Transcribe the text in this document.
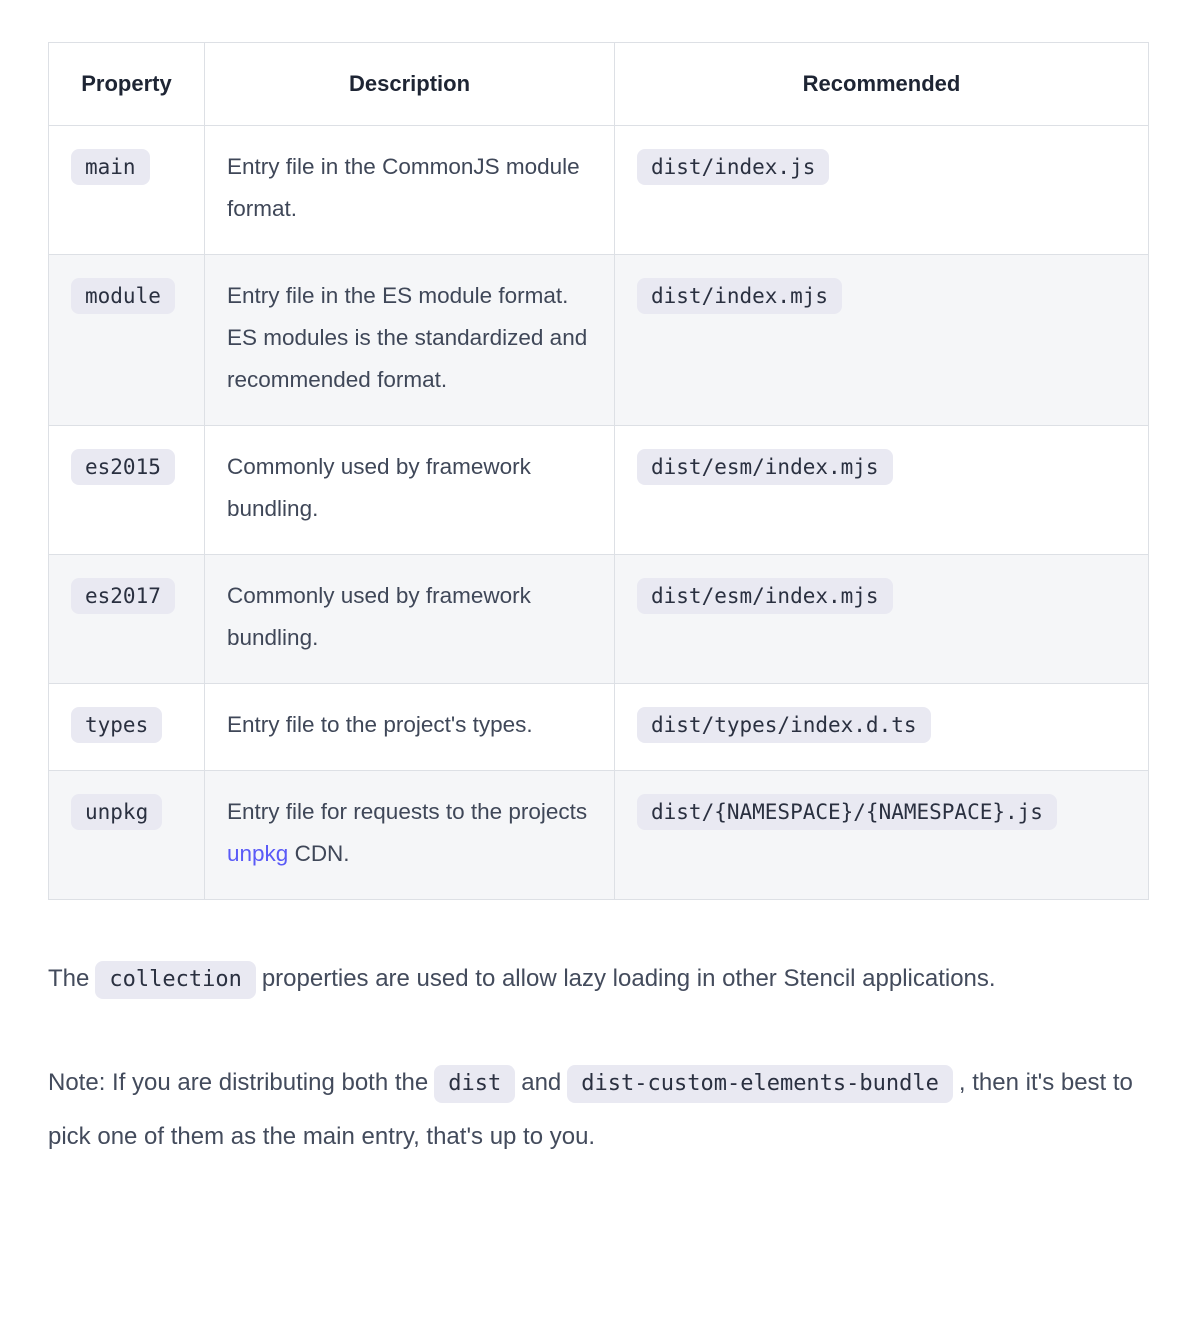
Property	Description	Recommended
main	Entry file in the CommonJS module format.	dist/index.js
module	Entry file in the ES module format. ES modules is the standardized and recommended format.	dist/index.mjs
es2015	Commonly used by framework bundling.	dist/esm/index.mjs
es2017	Commonly used by framework bundling.	dist/esm/index.mjs
types	Entry file to the project's types.	dist/types/index.d.ts
unpkg	Entry file for requests to the projects unpkg CDN.	dist/{NAMESPACE}/{NAMESPACE}.js

The collection properties are used to allow lazy loading in other Stencil applications.

Note: If you are distributing both the dist and dist-custom-elements-bundle , then it's best to pick one of them as the main entry, that's up to you.
